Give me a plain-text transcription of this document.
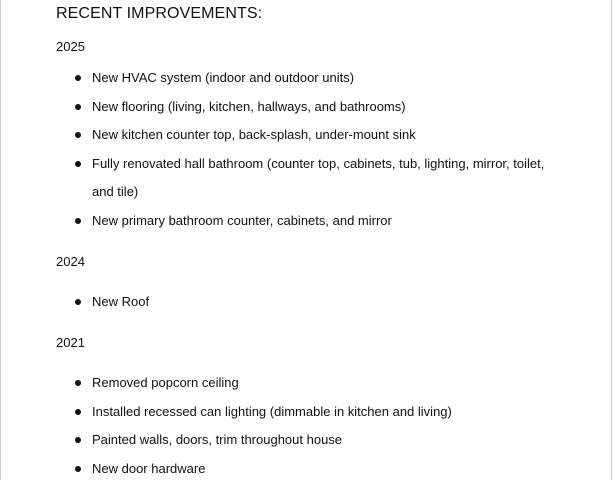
RECENT IMPROVEMENTS:
2025
New HVAC system (indoor and outdoor units)
New flooring (living, kitchen, hallways, and bathrooms)
New kitchen counter top, back-splash, under-mount sink
Fully renovated hall bathroom (counter top, cabinets, tub, lighting, mirror, toilet, and tile)
New primary bathroom counter, cabinets, and mirror
2024
New Roof
2021
Removed popcorn ceiling
Installed recessed can lighting (dimmable in kitchen and living)
Painted walls, doors, trim throughout house
New door hardware
